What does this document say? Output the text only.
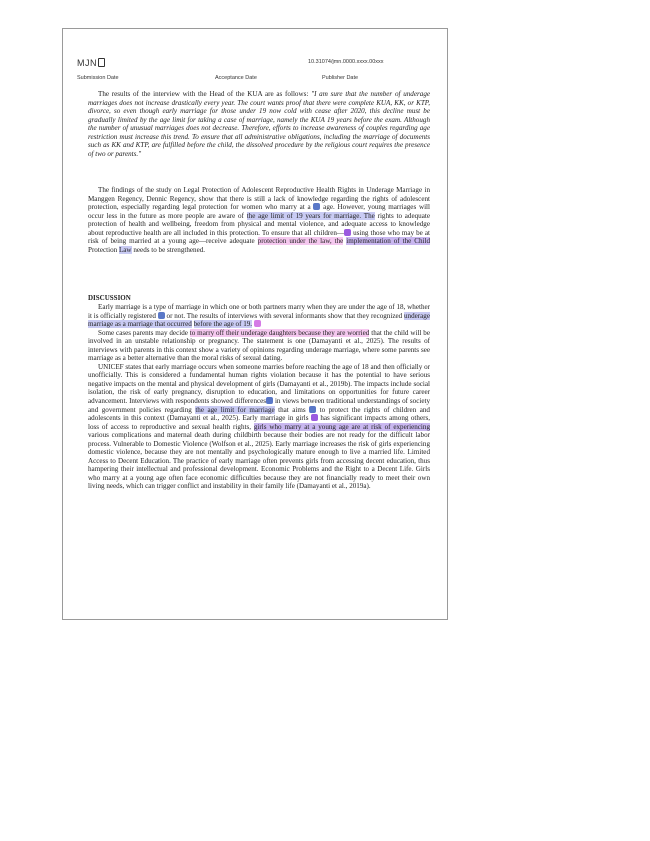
MJN	10.31074/jmn.0000.xxxx.00xxx
Submission Date	Acceptance Date	Publisher Date

The results of the interview with the Head of the KUA are as follows: "I am sure that the number of underage marriages does not increase drastically every year. The court wants proof that there were complete KUA, KK, or KTP, divorce, so even though early marriage for those under 19 now cold with cease after 2020, this decline must be gradually limited by the age limit for taking a case of marriage, namely the KUA 19 years before the exam. Although the number of unusual marriages does not decrease. Therefore, efforts to increase awareness of couples regarding age restriction must increase this trend. To ensure that all administrative obligations, including the marriage of documents such as KK and KTP, are fulfilled before the child, the dissolved procedure by the religious court requires the presence of two or parents."

The findings of the study on Legal Protection of Adolescent Reproductive Health Rights in Underage Marriage in Manggen Regency, Dennic Regency, show that there is still a lack of knowledge regarding the rights of adolescent protection, especially regarding legal protection for women who marry at a age. However, young marriages will occur less in the future as more people are aware of the age limit of 19 years for marriage. The rights to adequate protection of health and wellbeing, freedom from physical and mental violence, and adequate access to knowledge about reproductive health are all included in this protection. To ensure that all children— using those who may be at risk of being married at a young age—receive adequate protection under the law, the implementation of the Child Protection Law needs to be strengthened.

DISCUSSION

Early marriage is a type of marriage in which one or both partners marry when they are under the age of 18, whether it is officially registered or not. The results of interviews with several informants show that they recognized underage marriage as a marriage that occurred before the age of 19.

Some cases parents may decide to marry off their underage daughters because they are worried that the child will be involved in an unstable relationship or pregnancy. The statement is one (Damayanti et al., 2025). The results of interviews with parents in this context show a variety of opinions regarding underage marriage, where some parents see marriage as a better alternative than the moral risks of sexual dating.

UNICEF states that early marriage occurs when someone marries before reaching the age of 18 and then officially or unofficially. This is considered a fundamental human rights violation because it has the potential to have serious negative impacts on the mental and physical development of girls (Damayanti et al., 2019b). The impacts include social isolation, the risk of early pregnancy, disruption to education, and limitations on opportunities for future career advancement. Interviews with respondents showed differences in views between traditional understandings of society and government policies regarding the age limit for marriage that aims to protect the rights of children and adolescents in this context (Damayanti et al., 2025). Early marriage in girls has significant impacts among others, loss of access to reproductive and sexual health rights, girls who marry at a young age are at risk of experiencing various complications and maternal death during childbirth because their bodies are not ready for the difficult labor process. Vulnerable to Domestic Violence (Wolfson et al., 2025). Early marriage increases the risk of girls experiencing domestic violence, because they are not mentally and psychologically mature enough to live a married life. Limited Access to Decent Education. The practice of early marriage often prevents girls from accessing decent education, thus hampering their intellectual and professional development. Economic Problems and the Right to a Decent Life. Girls who marry at a young age often face economic difficulties because they are not financially ready to meet their own living needs, which can trigger conflict and instability in their family life (Damayanti et al., 2019a).
